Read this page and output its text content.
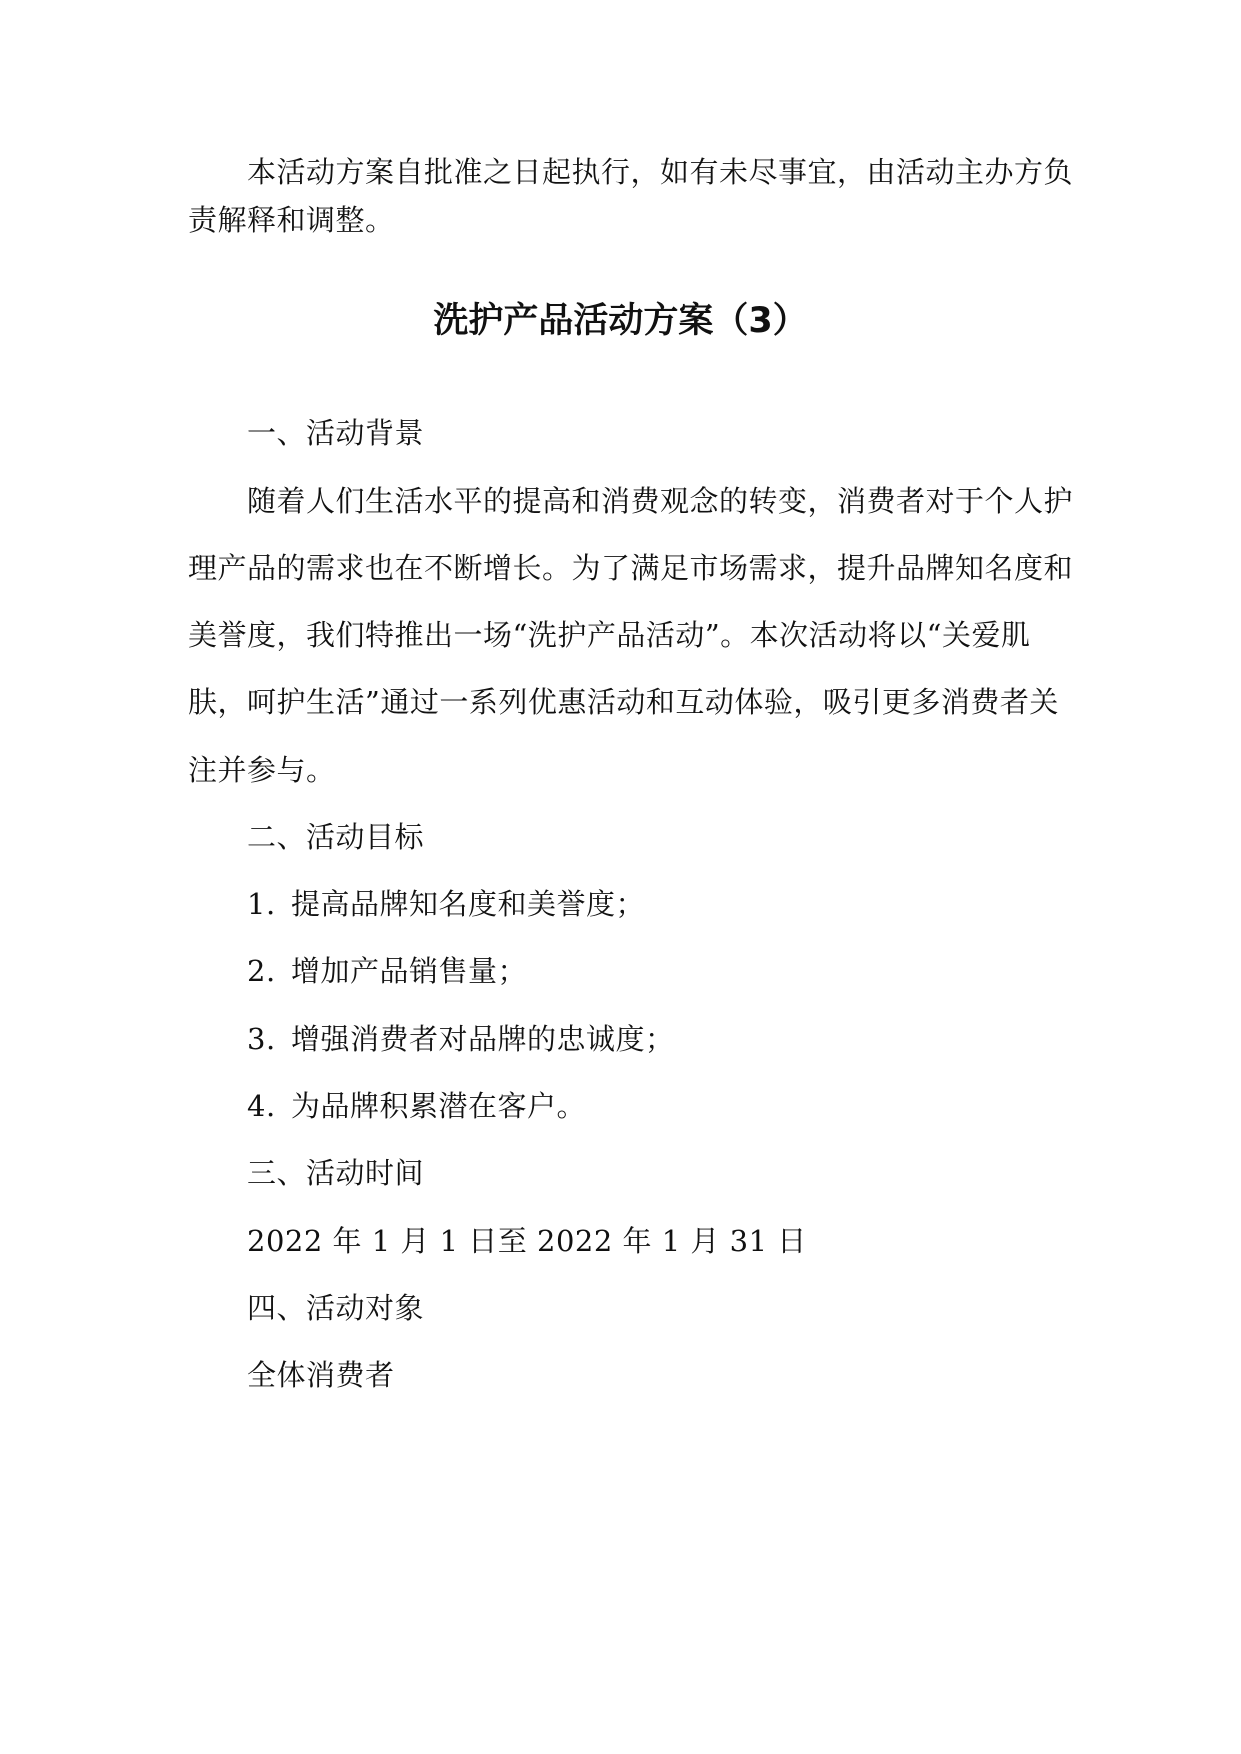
本活动方案自批准之日起执行，如有未尽事宜，由活动主办方负
责解释和调整。
洗护产品活动方案（3）
一、活动背景
随着人们生活水平的提高和消费观念的转变，消费者对于个人护
理产品的需求也在不断增长。为了满足市场需求，提升品牌知名度和
美誉度，我们特推出一场“洗护产品活动”。本次活动将以“关爱肌
肤，呵护生活”通过一系列优惠活动和互动体验，吸引更多消费者关
注并参与。
二、活动目标
1. 提高品牌知名度和美誉度；
2. 增加产品销售量；
3. 增强消费者对品牌的忠诚度；
4. 为品牌积累潜在客户。
三、活动时间
2022 年 1 月 1 日至 2022 年 1 月 31 日
四、活动对象
全体消费者
